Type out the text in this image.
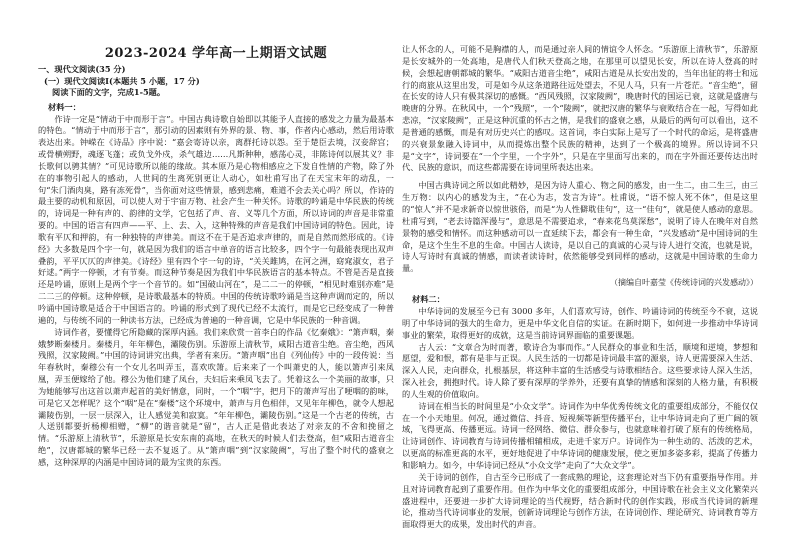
2023-2024 学年高一上期语文试题
一、现代文阅读(35 分)
(一）现代文阅读Ⅰ(本题共 5 小题，17 分)
阅读下面的文字，完成1-5题。
材料一：

作诗一定是“情动于中而形于言”。中国古典诗歌自始即以其能予人直接的感发之力量为最基本的特色。“情动于中而形于言”，那引动的因素则有外界的景、物、事，作者内心感动，然后用诗歌表达出来。钟嵘在《诗品》序中说：“嘉会寄诗以亲，离群托诗以怨。至于楚臣去境，汉妾辞宫；或骨横朔野，魂逐飞蓬；或负戈外戍，杀气雄边……凡斯种种，感荡心灵，非陈诗何以展其义？非长歌何以骋其情？”可见诗歌所以能的缘故。其本原乃是心物相感应之下发自性情的产物，除了外在的事物引起人的感动，人世间的生离死别更让人动心，如杜甫写出了在天宝末年的动乱，一句“朱门酒肉臭，路有冻死骨”，当你面对这些情景，感到悲痛，难道不会去关心吗？所以，作诗的最主要的动机和原因，可以使人对于宇宙万物、社会产生一种关怀。诗歌的吟诵是中华民族的传统的，诗词是一种有声的、韵律的文学，它包括了声、音、义等几个方面，所以诗词的声音是非常重要的。中国的语言有四声——平、上、去、入，这种特殊的声音是我们中国诗词的特色。因此，诗歌有平仄和押韵，有一种独特的声律美。而这不在于是否追求声律的，而是自然而然形成的。《诗经》大多数是四个字一句，就是因为我们的语言中单音的语言比较多，四个字一句最能表现出双声叠韵，平平仄仄的声律美。《诗经》里有四个字一句的诗，“关关雎鸠，在河之洲，窈窕淑女，君子好逑。”两字一停顿，才有节奏。而这种节奏是因为我们中华民族语言的基本特点。不管是否是直接还是吟诵，原则上是两个字一个音节的。如“国破山河在”，是二二一的停顿，“相见时难别亦难”是二二三的停顿。这种停顿，是诗歌最基本的特质。中国的传统诗歌吟诵是当这种声调而定的，所以吟诵中国诗歌是适合于中国语言的。吟诵的形式到了现代已经不太流行，而是它已经变成了一种普遍的，与传统不同的一种读书方法，已经成为普遍的一种音调，它是中华民族的一种音调。

诗词作者，要懂得它所隐藏的深厚内涵。我们来欣赏一首李白的作品《忆秦娥》：“箫声咽，秦娥梦断秦楼月。秦楼月，年年柳色，灞陵伤别。乐游原上清秋节，咸阳古道音尘绝。音尘绝，西风残照，汉家陵阙。”中国的诗词讲究出典，学者有来历。“箫声咽”出自《列仙传》中的一段传说：当年春秋时，秦穆公有一个女儿名叫弄玉，喜欢吹箫。后来来了一个叫萧史的人，能以箫声引来凤凰，弄玉便嫁给了他。穆公为他们建了凤台，夫妇后来乘凤飞去了。凭着这么一个美丽的故事，只为她能够写出这首以萧声起首的美好情意，同时，一个“咽”字，把月下的萧声写出了哽咽的韵味，可是它又怎样呢？这个“咽”是在“秦楼”这个环境中，萧声与月色相伴，又见年年柳色，就令人想起灞陵伤别，一层一层深入，让人感觉美和寂寞。“年年柳色，灞陵伤别。”这是一个古老的传统，古人送别都要折杨柳相赠，“柳”的谐音就是“留”，古人正是借此表达了对亲友的不舍和挽留之情。“乐游原上清秋节”，乐游原是长安东南的高地，在秋天的时候人们去登高，但“咸阳古道音尘绝”，汉唐都城的繁华已经一去不复返了。从“箫声咽”到“汉家陵阙”，写出了整个时代的盛衰之感，这种深厚的内涵是中国诗词的最为宝贵的东西。

让人怀念的人，可能不是胸襟的人，而是通过亲人间的情谊令人怀念。“乐游原上清秋节”，乐游原是长安城外的一处高地，是唐代人们秋天登高之地，在那里可以望见长安，所以在诗人登高的时候，会想起唐朝都城的繁华。“咸阳古道音尘绝”，咸阳古道是从长安出发的，当年出征的将士和远行的商旅从这里出发，可是如今从这条道路往远处望去，不见人马，只有一片苍茫。“音尘绝”，留在长安的诗人只有极其深切的感慨。“西风残照，汉家陵阙”，晚唐时代的国运已衰，这就是盛唐与晚唐的分界。在秋风中，一个“残照”，一个“陵阙”，就把汉唐的繁华与衰败结合在一起，写得如此悲凉，“汉家陵阙”，正是这种沉重的怀古之情，是我们的盛衰之感，从最后的两句可以看出，这不是普通的感慨，而是有对历史兴亡的感叹。这首词，李白实际上是写了一个时代的命运，是将盛唐的兴衰景象融入诗词中，从而提炼出整个民族的精神，达到了一个极高的境界。所以诗词不只是“文字”，诗词要在“一个字里，一个字外”，只是在字里面写出来的，而在字外面还要传达出时代、民族的意识，而这些都需要在诗词里所表达出来。

中国古典诗词之所以如此精妙，是因为诗人重心、物之间的感发，由一生二，由二生三，由三生万物：以内心的感发为主，“在心为志，发言为诗”。杜甫说，“语不惊人死不休”，但是这里的“惊人”并不是求新奇以惊世骇俗，而是“为人性僻耽佳句”，这一“佳句”，就是使人感动的意思。杜甫写到，“老去诗篇浑漫与”，意思是不需要追求，“春来花鸟莫深愁”，说明了诗人在晚年对自然景物的感受和情怀。而这种感动可以一直延续下去，都会有一种生命，“兴发感动”是中国诗词的生命，是这个生生不息的生命。中国古人读诗，是以自己的真诚的心灵与诗人进行交流，也就是说，诗人写诗时有真诚的情感，而读者读诗时，依然能够受到同样的感动，这就是中国诗歌的生命力量。

（摘编自叶嘉莹《传统诗词的兴发感动》）
材料二：

中华诗词的发展至今已有 3000 多年，人们喜欢写诗，创作、吟诵诗词的传统至今不衰，这说明了中华诗词的强大的生命力，更是中华文化自信的实证。在新时期下，如何进一步推动中华诗词事业的繁荣，取得更好的成就，这是当前诗词界面临的重要课题。

古人云：“文章合为时而著，歌诗合为事而作。”人民群众的事业和生活，顺境和逆境，梦想和愿望，爱和恨，都有是非与正误。人民生活的一切都是诗词最丰富的源泉，诗人更需要深入生活、深入人民，走向群众，扎根基层，将这种丰富的生活感受与诗歌相结合。这些要求诗人深入生活，深入社会，拥抱时代。诗人除了要有深厚的学养外，还要有真挚的情感和深刻的人格力量，有积极的人生观的价值取向。

诗词在相当长的时间里是“小众文学”。诗词作为中华优秀传统文化的重要组成部分，不能仅仅在一个小天地里。何况，通过微信、抖音、短视频等新型传播平台，让中华诗词走向了更广阔的领域，飞得更高、传播更远。诗词一经网络、微信、群众参与，也就意味着打破了原有的传统格局，让诗词创作、诗词教育与诗词传播相辅相成，走进千家万户。诗词作为一种生动的、活泼的艺术，以更高的标准更高的水平，更好地促进了中华诗词的健康发展，使之更加多姿多彩，提高了传播力和影响力。如今，中华诗词已经从“小众文学”走向了“大众文学”。

关于诗词的创作，自古至今已形成了一套成熟的理论，这套理论对当下仍有重要指导作用。并且对诗词教育起到了重要作用。但作为中华文化的重要组成部分，中国诗歌在社会主义文化繁荣兴盛进程中，还要进一步扩大诗词理论的当代视野，结合新时代的创作实践，形成当代诗词的新理论，推动当代诗词事业的发展，创新诗词理论与创作方法，在诗词创作、理论研究、诗词教育等方面取得更大的成果，发出时代的声音。
